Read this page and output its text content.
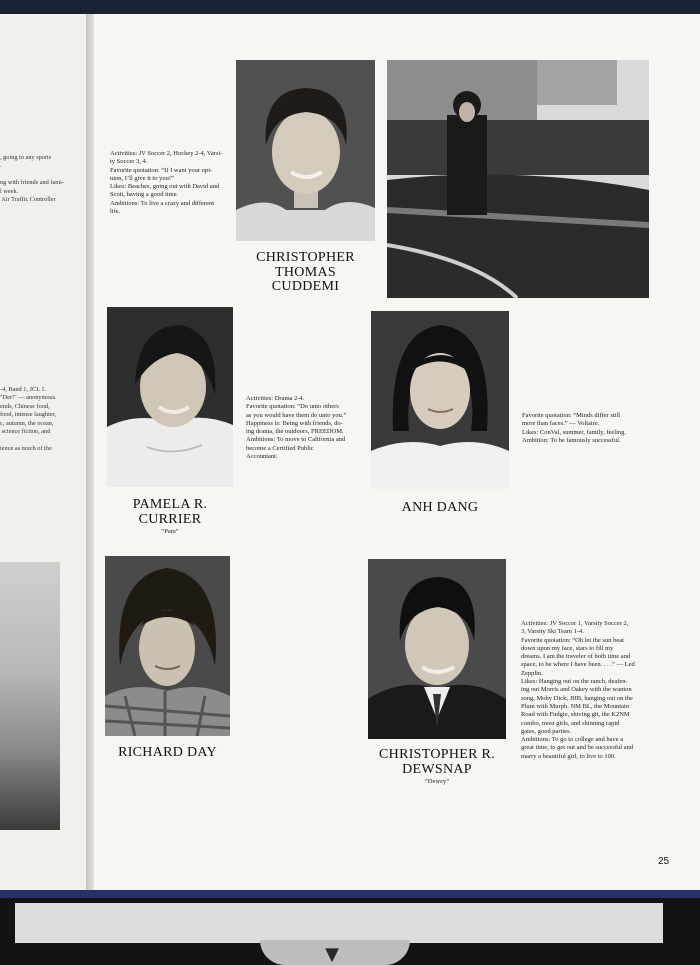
, going to any sports
.

ng with friends and fami-
l week.
Air Traffic Controller
-4, Band 1, JCL 1.
"Der!" — anonymous.
ends, Chinese food,
food, intense laughter,
c, autumn, the ocean,
science fiction, and

ience as much of the

Activities: JV Soccer 2, Hockey 2-4, Varsi-

ty Soccer 3, 4.

Favorite quotation: “If I want your opi-

nion, I’ll give it to you!”

Likes: Beaches, going out with David and

Scott, having a good time.

Ambitions: To live a crazy and different

life.

CHRISTOPHER
THOMAS
CUDDEMI
PAMELA R.
CURRIER
“Pam”

Activities: Drama 2-4.

Favorite quotation: “Do unto others

as you would have them do unto you.”

Happiness is: Being with friends, do-

ing drama, the outdoors, FREEDOM.

Ambitions: To move to California and

become a Certified Public

Accountant.

ANH DANG

Favorite quotation: “Minds differ still

more than faces.” — Voltaire.

Likes: ConVal, summer, family, feeling.

Ambition: To be famously successful.

RICHARD DAY	CHRISTOPHER R.
DEWSNAP
“Dewey”

Activities: JV Soccer 1, Varsity Soccer 2,

3, Varsity Ski Team 1-4.

Favorite quotation: “Oh let the sun beat

down upon my face, stars to fill my

dreams. I am the traveler of both time and

space, to be where I have been. . . .” — Led

Zepplin.

Likes: Hanging out on the ranch, deafen-

ing out Morris and Oakey with the wanton

song, Moby Dick, JHB, hanging out on the

Plum with Murph. NM BL, the Mountain

Road with Fudgie, shiving git, the K2NM

combo, most girls, and shinning rapid

gates, good parties.

Ambitions: To go to college and have a

great time, to get out and be successful and

marry a beautiful girl, to live to 100.

25
▼
